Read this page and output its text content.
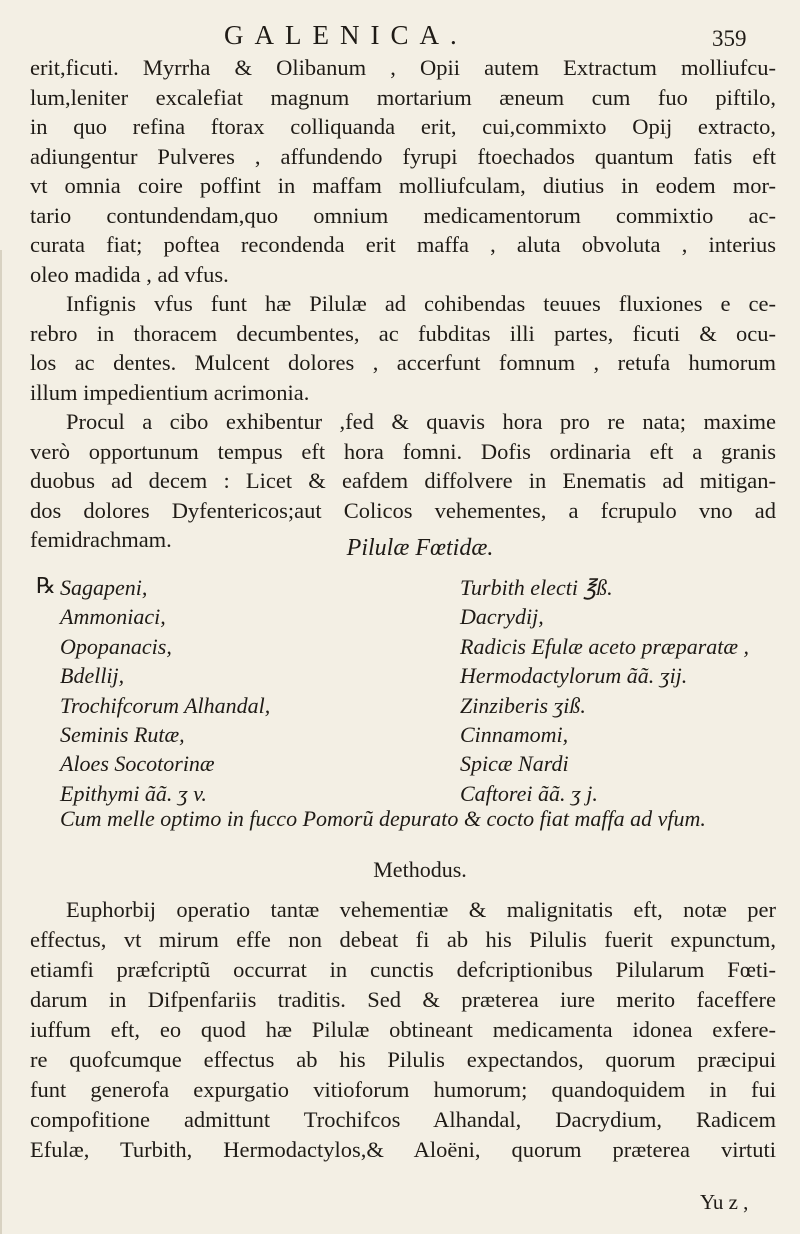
GALENICA.	359
erit,ficuti. Myrrha & Olibanum , Opii autem Extractum molliufcu-
lum,leniter excalefiat magnum mortarium æneum cum fuo piftilo,
in quo refina ftorax colliquanda erit, cui,commixto Opij extracto,
adiungentur Pulveres , affundendo fyrupi ftoechados quantum fatis eft
vt omnia coire poffint in maffam molliufculam, diutius in eodem mor-
tario contundendam,quo omnium medicamentorum commixtio ac-
curata fiat; poftea recondenda erit maffa , aluta obvoluta , interius
oleo madida , ad vfus.
Infignis vfus funt hæ Pilulæ ad cohibendas teuues fluxiones e ce-
rebro in thoracem decumbentes, ac fubditas illi partes, ficuti & ocu-
los ac dentes. Mulcent dolores , accerfunt fomnum , retufa humorum
illum impedientium acrimonia.
Procul a cibo exhibentur ,fed & quavis hora pro re nata; maxime
verò opportunum tempus eft hora fomni. Dofis ordinaria eft a granis
duobus ad decem : Licet & eafdem diffolvere in Enematis ad mitigan-
dos dolores Dyfentericos;aut Colicos vehementes, a fcrupulo vno ad
femidrachmam.	Pilulæ Fœtidæ.
℞ Sagapeni,
Ammoniaci,
Opopanacis,
Bdellij,
Trochifcorum Alhandal,
Seminis Rutæ,
Aloes Socotorinæ
Epithymi ãã. ʒ v.
Turbith electi ℥ß.
Dacrydij,
Radicis Efulæ aceto præparatæ ,
Hermodactylorum ãã. ʒij.
Zinziberis ʒiß.
Cinnamomi,
Spicæ Nardi
Caftorei ãã. ʒ j.
Cum melle optimo in fucco Pomorũ depurato & cocto fiat maffa ad vfum.
Methodus.
Euphorbij operatio tantæ vehementiæ & malignitatis eft, notæ per
effectus, vt mirum effe non debeat fi ab his Pilulis fuerit expunctum,
etiamfi præfcriptũ occurrat in cunctis defcriptionibus Pilularum Fœti-
darum in Difpenfariis traditis. Sed & præterea iure merito faceffere
iuffum eft, eo quod hæ Pilulæ obtineant medicamenta idonea exfere-
re quofcumque effectus ab his Pilulis expectandos, quorum præcipui
funt generofa expurgatio vitioforum humorum; quandoquidem in fui
compofitione admittunt Trochifcos Alhandal, Dacrydium, Radicem
Efulæ, Turbith, Hermodactylos,& Aloëni, quorum præterea virtuti
Yu z ,
